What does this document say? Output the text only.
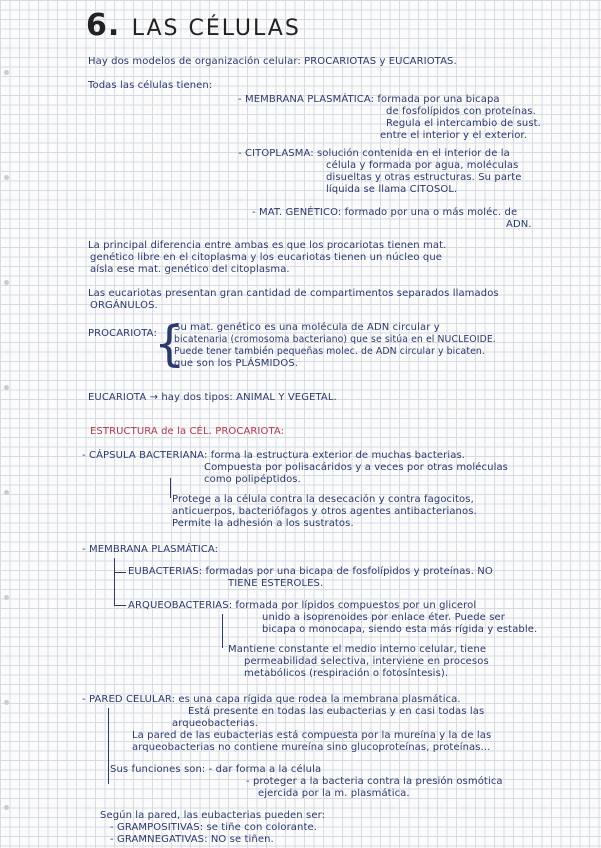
6. LAS CÉLULAS
Hay dos modelos de organización celular: PROCARIOTAS y EUCARIOTAS.
Todas las células tienen:
- MEMBRANA PLASMÁTICA: formada por una bicapa
de fosfolípidos con proteínas.
Regula el intercambio de sust.
entre el interior y el exterior.
- CITOPLASMA: solución contenida en el interior de la
célula y formada por agua, moléculas
disueltas y otras estructuras. Su parte
líquida se llama CITOSOL.
- MAT. GENÉTICO: formado por una o más moléc. de
ADN.
La principal diferencia entre ambas es que los procariotas tienen mat.
genético libre en el citoplasma y los eucariotas tienen un núcleo que
aísla ese mat. genético del citoplasma.
Las eucariotas presentan gran cantidad de compartimentos separados llamados
ORGÁNULOS.
PROCARIOTA:
{
Su mat. genético es una molécula de ADN circular y
bicatenaria (cromosoma bacteriano) que se sitúa en el NUCLEOIDE.
Puede tener también pequeñas molec. de ADN circular y bicaten.
que son los PLÁSMIDOS.
EUCARIOTA → hay dos tipos: ANIMAL Y VEGETAL.
ESTRUCTURA de la CÉL. PROCARIOTA:
- CÁPSULA BACTERIANA: forma la estructura exterior de muchas bacterias.
Compuesta por polisacáridos y a veces por otras moléculas
como polipéptidos.
Protege a la célula contra la desecación y contra fagocitos,
anticuerpos, bacteriófagos y otros agentes antibacterianos.
Permite la adhesión a los sustratos.
- MEMBRANA PLASMÁTICA:
EUBACTERIAS: formadas por una bicapa de fosfolípidos y proteínas. NO
TIENE ESTEROLES.
ARQUEOBACTERIAS: formada por lípidos compuestos por un glicerol
unido a isoprenoides por enlace éter. Puede ser
bicapa o monocapa, siendo esta más rígida y estable.
Mantiene constante el medio interno celular, tiene
permeabilidad selectiva, interviene en procesos
metabólicos (respiración o fotosíntesis).
- PARED CELULAR: es una capa rígida que rodea la membrana plasmática.
Está presente en todas las eubacterias y en casi todas las
arqueobacterias.
La pared de las eubacterias está compuesta por la mureína y la de las
arqueobacterias no contiene mureína sino glucoproteínas, proteínas...
Sus funciones son: - dar forma a la célula
- proteger a la bacteria contra la presión osmótica
ejercida por la m. plasmática.
Según la pared, las eubacterias pueden ser:
- GRAMPOSITIVAS: se tiñe con colorante.
- GRAMNEGATIVAS: NO se tiñen.
